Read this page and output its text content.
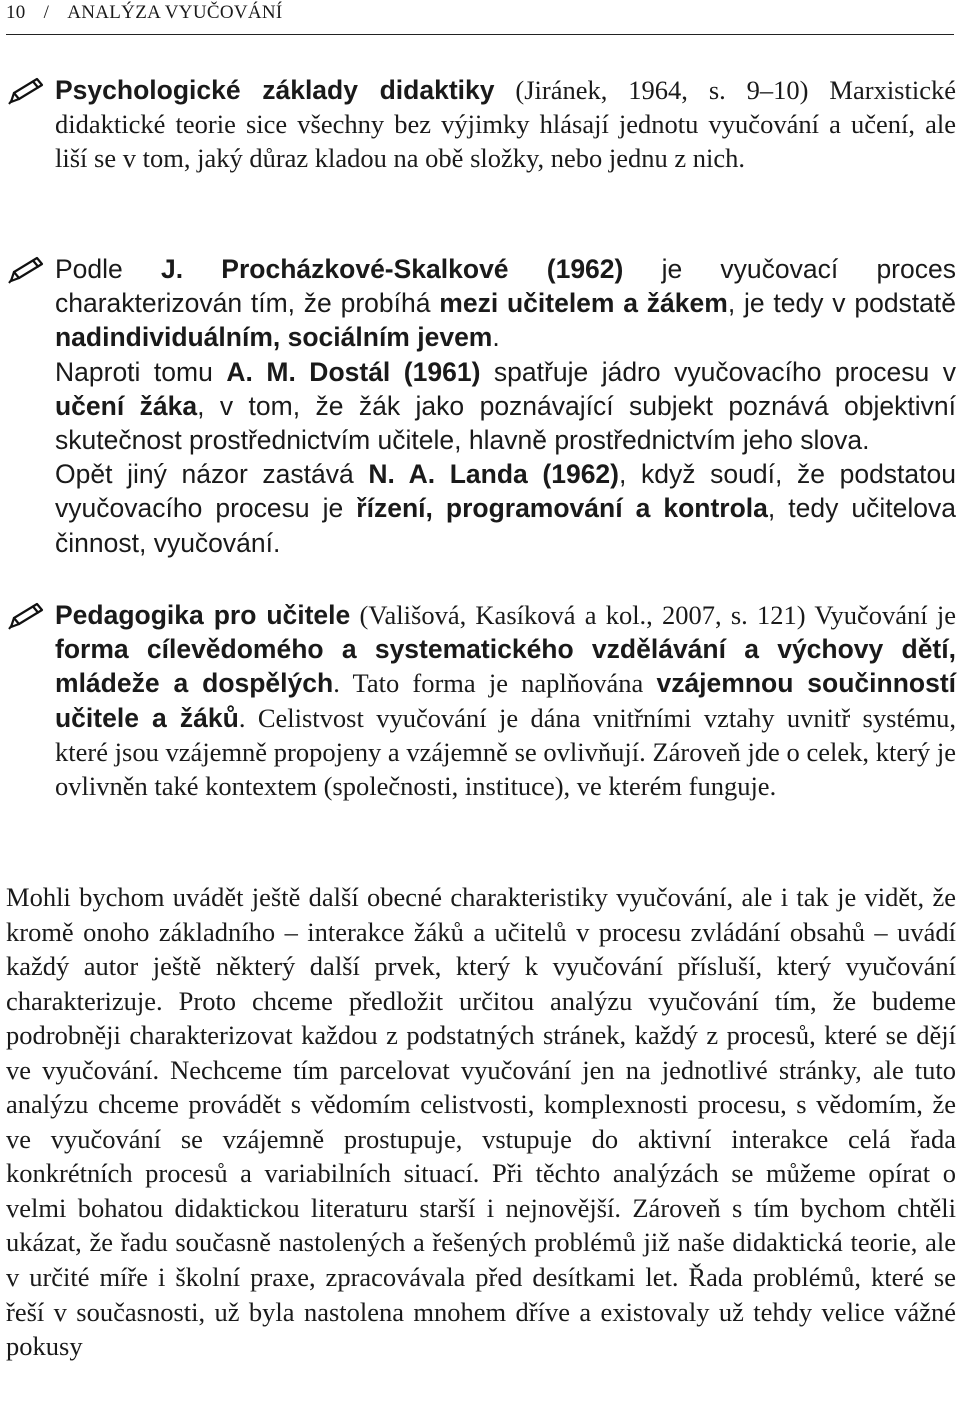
10 / ANALÝZA VYUČOVÁNÍ

Psychologické základy didaktiky (Jiránek, 1964, s. 9–10) Marxistické didaktické teorie sice všechny bez výjimky hlásají jednotu vyučování a učení, ale liší se v tom, jaký důraz kladou na obě složky, nebo jednu z nich.

Podle J. Procházkové-Skalkové (1962) je vyučovací proces charakterizován tím, že probíhá mezi učitelem a žákem, je tedy v podstatě nadindividuálním, sociálním jevem.

Naproti tomu A. M. Dostál (1961) spatřuje jádro vyučovacího procesu v učení žáka, v tom, že žák jako poznávající subjekt poznává objektivní skutečnost prostřednictvím učitele, hlavně prostřednictvím jeho slova.

Opět jiný názor zastává N. A. Landa (1962), když soudí, že podstatou vyučovacího procesu je řízení, programování a kontrola, tedy učitelova činnost, vyučování.

Pedagogika pro učitele (Vališová, Kasíková a kol., 2007, s. 121) Vyučování je forma cílevědomého a systematického vzdělávání a výchovy dětí, mládeže a dospělých. Tato forma je naplňována vzájemnou součinností učitele a žáků. Celistvost vyučování je dána vnitřními vztahy uvnitř systému, které jsou vzájemně propojeny a vzájemně se ovlivňují. Zároveň jde o celek, který je ovlivněn také kontextem (společnosti, instituce), ve kterém funguje.

Mohli bychom uvádět ještě další obecné charakteristiky vyučování, ale i tak je vidět, že kromě onoho základního – interakce žáků a učitelů v procesu zvládání obsahů – uvádí každý autor ještě některý další prvek, který k vyučování přísluší, který vyučování charakterizuje. Proto chceme předložit určitou analýzu vyučování tím, že budeme podrobněji charakterizovat každou z podstatných stránek, každý z procesů, které se dějí ve vyučování. Nechceme tím parcelovat vyučování jen na jednotlivé stránky, ale tuto analýzu chceme provádět s vědomím celistvosti, komplexnosti procesu, s vědomím, že ve vyučování se vzájemně prostupuje, vstupuje do aktivní interakce celá řada konkrétních procesů a variabilních situací. Při těchto analýzách se můžeme opírat o velmi bohatou didaktickou literaturu starší i nejnovější. Zároveň s tím bychom chtěli ukázat, že řadu současně nastolených a řešených problémů již naše didaktická teorie, ale v určité míře i školní praxe, zpracovávala před desítkami let. Řada problémů, které se řeší v současnosti, už byla nastolena mnohem dříve a existovaly už tehdy velice vážné pokusy
